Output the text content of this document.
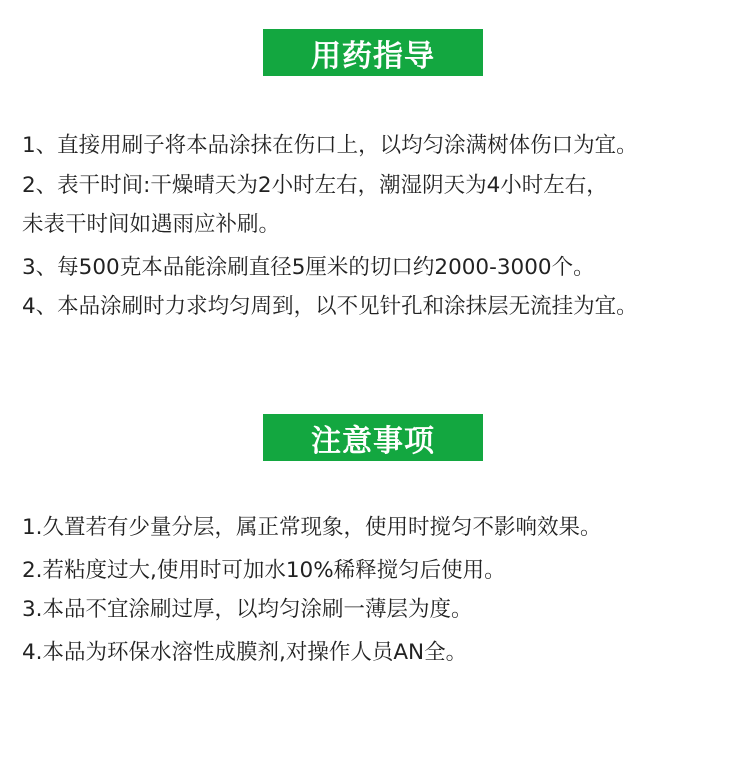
用药指导
1、直接用刷子将本品涂抹在伤口上，以均匀涂满树体伤口为宜。
2、表干时间:干燥晴天为2小时左右，潮湿阴天为4小时左右，
未表干时间如遇雨应补刷。
3、每500克本品能涂刷直径5厘米的切口约2000-3000个。
4、本品涂刷时力求均匀周到，以不见针孔和涂抹层无流挂为宜。
注意事项
1.久置若有少量分层，属正常现象，使用时搅匀不影响效果。
2.若粘度过大,使用时可加水10%稀释搅匀后使用。
3.本品不宜涂刷过厚，以均匀涂刷一薄层为度。
4.本品为环保水溶性成膜剂,对操作人员AN全。
